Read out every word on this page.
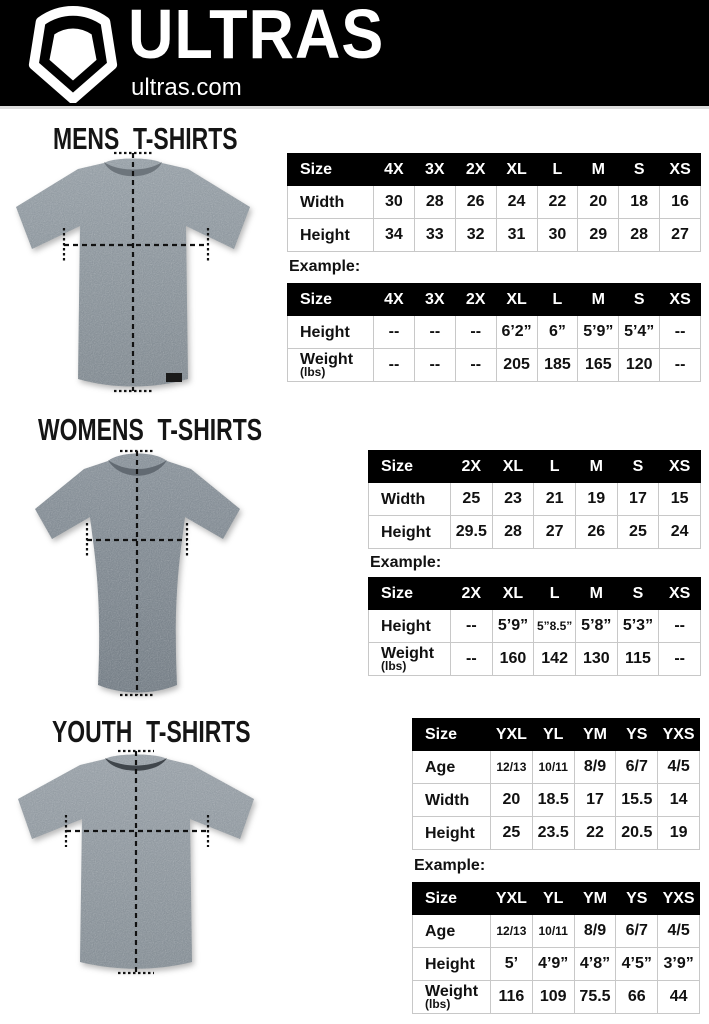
ULTRAS
ultras.com
MENS T-SHIRTS
WOMENS T-SHIRTS
YOUTH T-SHIRTS
Size	4X	3X	2X	XL	L	M	S	XS
Width	30	28	26	24	22	20	18	16
Height	34	33	32	31	30	29	28	27
Example:
Size	4X	3X	2X	XL	L	M	S	XS
Height	--	--	--	6’2”	6”	5’9”	5’4”	--
Weight
(lbs)	--	--	--	205	185	165	120	--
Size	2X	XL	L	M	S	XS
Width	25	23	21	19	17	15
Height	29.5	28	27	26	25	24
Example:
Size	2X	XL	L	M	S	XS
Height	--	5’9”	5”8.5”	5’8”	5’3”	--
Weight
(lbs)	--	160	142	130	115	--
Size	YXL	YL	YM	YS	YXS
Age	12/13	10/11	8/9	6/7	4/5
Width	20	18.5	17	15.5	14
Height	25	23.5	22	20.5	19
Example:
Size	YXL	YL	YM	YS	YXS
Age	12/13	10/11	8/9	6/7	4/5
Height	5’	4’9”	4’8”	4’5”	3’9”
Weight
(lbs)	116	109	75.5	66	44
